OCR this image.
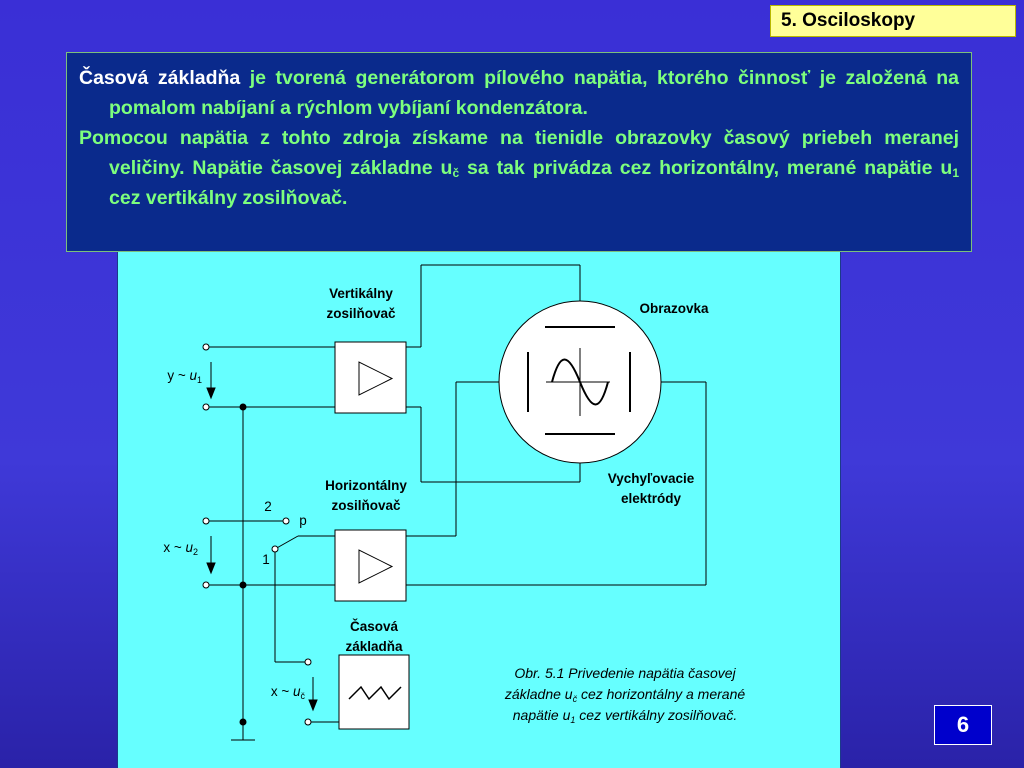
5. Osciloskopy

Časová základňa je tvorená generátorom pílového napätia, ktorého činnosť je založená na pomalom nabíjaní a rýchlom vybíjaní kondenzátora.

Pomocou napätia z tohto zdroja získame na tienidle obrazovky časový priebeh meranej veličiny. Napätie časovej základne $u_č$ sa tak privádza cez horizontálny, merané napätie $u_1$ cez vertikálny zosilňovač.

Vertikálny
zosilňovač	Obrazovka
Horizontálny
zosilňovač
Vychyľovacie
elektródy
Časová
základňa
2
1
p
y ~ $u_1$
x ~ $u_2$
x ~ $u_č$
Obr. 5.1 Privedenie napätia časovej
základne $u_č$ cez horizontálny a merané
napätie $u_1$ cez vertikálny zosilňovač.	6
